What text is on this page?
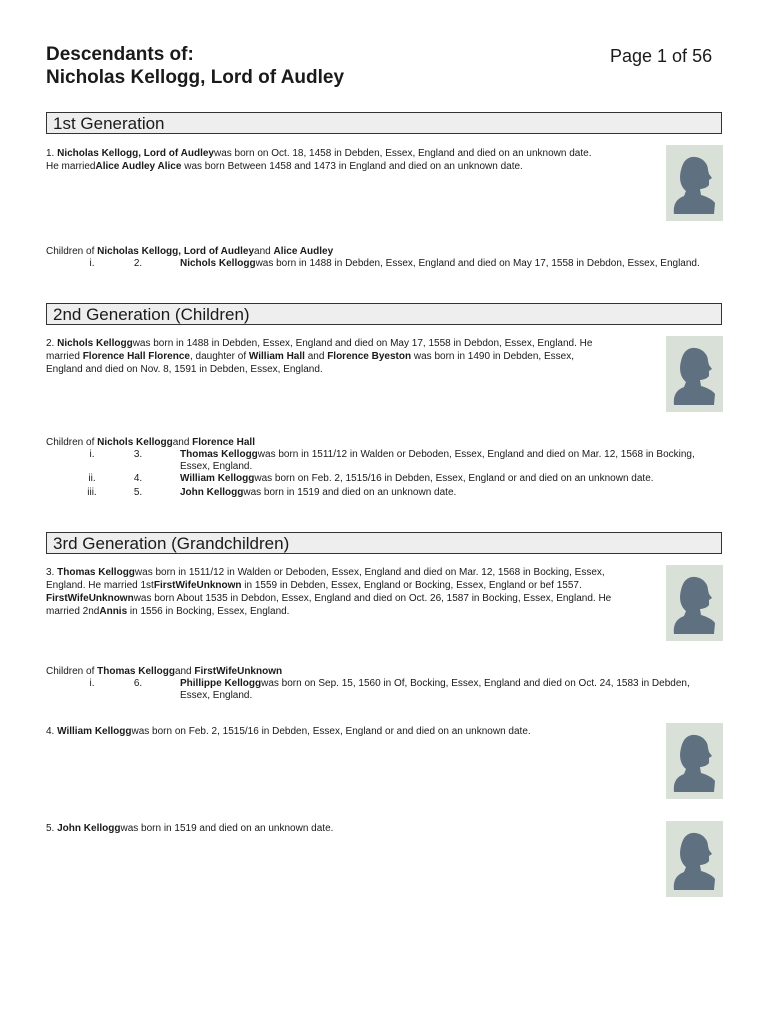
Descendants of:
Nicholas Kellogg, Lord of Audley
Page 1 of 56
1st Generation
1. Nicholas Kellogg, Lord of Audleywas born on Oct. 18, 1458 in Debden, Essex, England and died on an unknown date.
He marriedAlice Audley Alice was born Between 1458 and 1473 in England and died on an unknown date.
Children of Nicholas Kellogg, Lord of Audleyand Alice Audley
i.	2.	Nichols Kelloggwas born in 1488 in Debden, Essex, England and died on May 17, 1558 in Debdon, Essex, England.
2nd Generation (Children)
2. Nichols Kelloggwas born in 1488 in Debden, Essex, England and died on May 17, 1558 in Debdon, Essex, England. He
married Florence Hall Florence, daughter of William Hall and Florence Byeston was born in 1490 in Debden, Essex,
England and died on Nov. 8, 1591 in Debden, Essex, England.
Children of Nichols Kelloggand Florence Hall
i.	3.	Thomas Kelloggwas born in 1511/12 in Walden or Deboden, Essex, England and died on Mar. 12, 1568 in Bocking,
Essex, England.
ii.	4.	William Kelloggwas born on Feb. 2, 1515/16 in Debden, Essex, England or and died on an unknown date.
iii.	5.	John Kelloggwas born in 1519 and died on an unknown date.
3rd Generation (Grandchildren)
3. Thomas Kelloggwas born in 1511/12 in Walden or Deboden, Essex, England and died on Mar. 12, 1568 in Bocking, Essex,
England. He married 1stFirstWifeUnknown in 1559 in Debden, Essex, England or Bocking, Essex, England or bef 1557.
FirstWifeUnknownwas born About 1535 in Debdon, Essex, England and died on Oct. 26, 1587 in Bocking, Essex, England. He
married 2ndAnnis in 1556 in Bocking, Essex, England.
Children of Thomas Kelloggand FirstWifeUnknown
i.	6.	Phillippe Kelloggwas born on Sep. 15, 1560 in Of, Bocking, Essex, England and died on Oct. 24, 1583 in Debden,
Essex, England.
4. William Kelloggwas born on Feb. 2, 1515/16 in Debden, Essex, England or and died on an unknown date.
5. John Kelloggwas born in 1519 and died on an unknown date.
